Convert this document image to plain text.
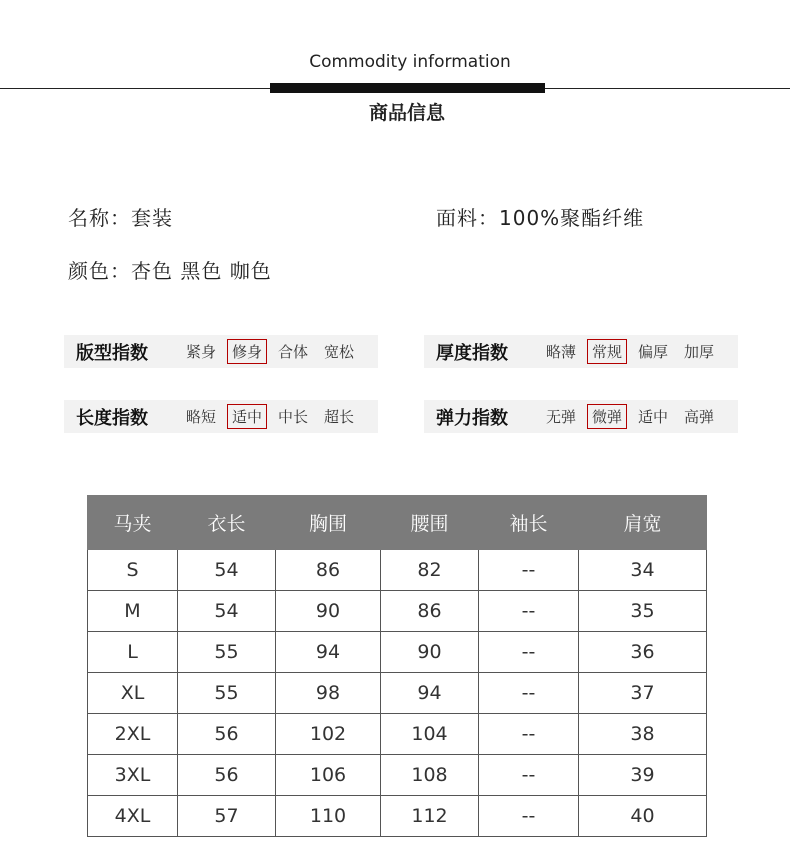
Commodity information
商品信息
名称：套装	面料：100%聚酯纤维
颜色：杏色 黑色 咖色
版型指数	紧身	修身	合体	宽松	厚度指数	略薄	常规	偏厚	加厚
长度指数	略短	适中	中长	超长	弹力指数	无弹	微弹	适中	高弹
马夹	衣长	胸围	腰围	袖长	肩宽
S	54	86	82	--	34
M	54	90	86	--	35
L	55	94	90	--	36
XL	55	98	94	--	37
2XL	56	102	104	--	38
3XL	56	106	108	--	39
4XL	57	110	112	--	40
